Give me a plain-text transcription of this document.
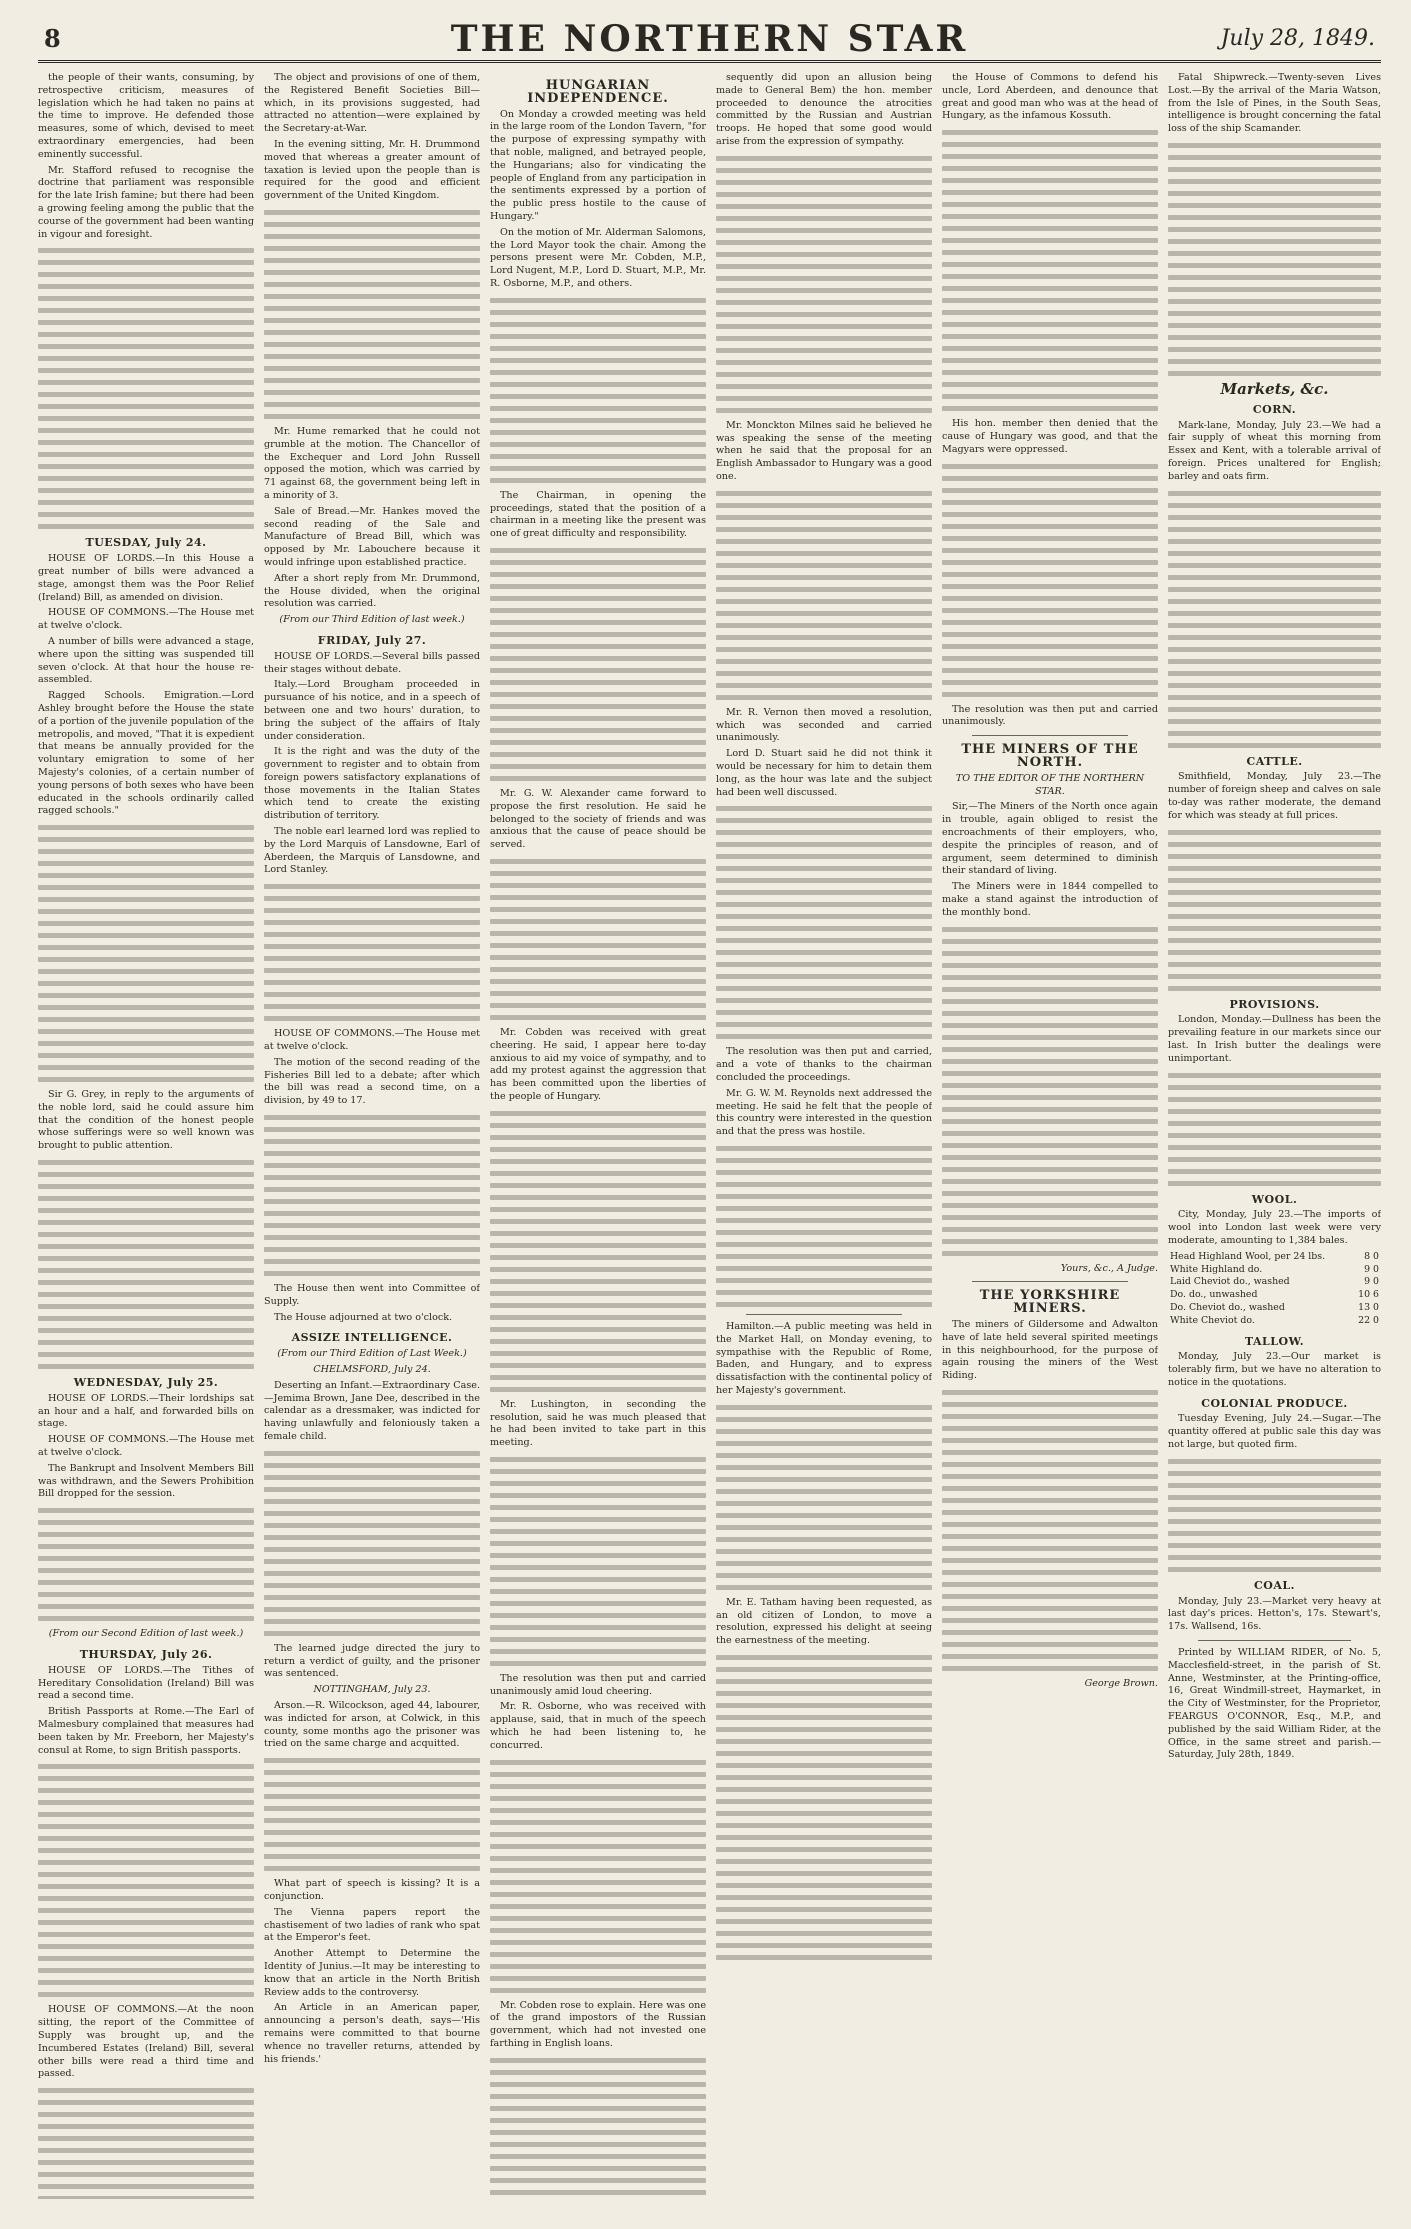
8	THE NORTHERN STAR	July 28, 1849.

the people of their wants, consuming, by retrospective criticism, measures of legislation which he had taken no pains at the time to improve. He defended those measures, some of which, devised to meet extraordinary emergencies, had been eminently successful.

Mr. Stafford refused to recognise the doctrine that parliament was responsible for the late Irish famine; but there had been a growing feeling among the public that the course of the government had been wanting in vigour and foresight.

TUESDAY, July 24.

HOUSE OF LORDS.—In this House a great number of bills were advanced a stage, amongst them was the Poor Relief (Ireland) Bill, as amended on division.

HOUSE OF COMMONS.—The House met at twelve o'clock.

A number of bills were advanced a stage, where upon the sitting was suspended till seven o'clock. At that hour the house re-assembled.

Ragged Schools. Emigration.—Lord Ashley brought before the House the state of a portion of the juvenile population of the metropolis, and moved, "That it is expedient that means be annually provided for the voluntary emigration to some of her Majesty's colonies, of a certain number of young persons of both sexes who have been educated in the schools ordinarily called ragged schools."

Sir G. Grey, in reply to the arguments of the noble lord, said he could assure him that the condition of the honest people whose sufferings were so well known was brought to public attention.

WEDNESDAY, July 25.

HOUSE OF LORDS.—Their lordships sat an hour and a half, and forwarded bills on stage.

HOUSE OF COMMONS.—The House met at twelve o'clock.

The Bankrupt and Insolvent Members Bill was withdrawn, and the Sewers Prohibition Bill dropped for the session.

(From our Second Edition of last week.)
THURSDAY, July 26.

HOUSE OF LORDS.—The Tithes of Hereditary Consolidation (Ireland) Bill was read a second time.

British Passports at Rome.—The Earl of Malmesbury complained that measures had been taken by Mr. Freeborn, her Majesty's consul at Rome, to sign British passports.

HOUSE OF COMMONS.—At the noon sitting, the report of the Committee of Supply was brought up, and the Incumbered Estates (Ireland) Bill, several other bills were read a third time and passed.

The object and provisions of one of them, the Registered Benefit Societies Bill—which, in its provisions suggested, had attracted no attention—were explained by the Secretary-at-War.

In the evening sitting, Mr. H. Drummond moved that whereas a greater amount of taxation is levied upon the people than is required for the good and efficient government of the United Kingdom.

Mr. Hume remarked that he could not grumble at the motion. The Chancellor of the Exchequer and Lord John Russell opposed the motion, which was carried by 71 against 68, the government being left in a minority of 3.

Sale of Bread.—Mr. Hankes moved the second reading of the Sale and Manufacture of Bread Bill, which was opposed by Mr. Labouchere because it would infringe upon established practice.

After a short reply from Mr. Drummond, the House divided, when the original resolution was carried.

(From our Third Edition of last week.)
FRIDAY, July 27.

HOUSE OF LORDS.—Several bills passed their stages without debate.

Italy.—Lord Brougham proceeded in pursuance of his notice, and in a speech of between one and two hours' duration, to bring the subject of the affairs of Italy under consideration.

It is the right and was the duty of the government to register and to obtain from foreign powers satisfactory explanations of those movements in the Italian States which tend to create the existing distribution of territory.

The noble earl learned lord was replied to by the Lord Marquis of Lansdowne, Earl of Aberdeen, the Marquis of Lansdowne, and Lord Stanley.

HOUSE OF COMMONS.—The House met at twelve o'clock.

The motion of the second reading of the Fisheries Bill led to a debate; after which the bill was read a second time, on a division, by 49 to 17.

The House then went into Committee of Supply.

The House adjourned at two o'clock.

ASSIZE INTELLIGENCE.
(From our Third Edition of Last Week.)
CHELMSFORD, July 24.

Deserting an Infant.—Extraordinary Case.—Jemima Brown, Jane Dee, described in the calendar as a dressmaker, was indicted for having unlawfully and feloniously taken a female child.

The learned judge directed the jury to return a verdict of guilty, and the prisoner was sentenced.

NOTTINGHAM, July 23.

Arson.—R. Wilcockson, aged 44, labourer, was indicted for arson, at Colwick, in this county, some months ago the prisoner was tried on the same charge and acquitted.

What part of speech is kissing? It is a conjunction.

The Vienna papers report the chastisement of two ladies of rank who spat at the Emperor's feet.

Another Attempt to Determine the Identity of Junius.—It may be interesting to know that an article in the North British Review adds to the controversy.

An Article in an American paper, announcing a person's death, says—'His remains were committed to that bourne whence no traveller returns, attended by his friends.'

HUNGARIAN INDEPENDENCE.

On Monday a crowded meeting was held in the large room of the London Tavern, "for the purpose of expressing sympathy with that noble, maligned, and betrayed people, the Hungarians; also for vindicating the people of England from any participation in the sentiments expressed by a portion of the public press hostile to the cause of Hungary."

On the motion of Mr. Alderman Salomons, the Lord Mayor took the chair. Among the persons present were Mr. Cobden, M.P., Lord Nugent, M.P., Lord D. Stuart, M.P., Mr. R. Osborne, M.P., and others.

The Chairman, in opening the proceedings, stated that the position of a chairman in a meeting like the present was one of great difficulty and responsibility.

Mr. G. W. Alexander came forward to propose the first resolution. He said he belonged to the society of friends and was anxious that the cause of peace should be served.

Mr. Cobden was received with great cheering. He said, I appear here to-day anxious to aid my voice of sympathy, and to add my protest against the aggression that has been committed upon the liberties of the people of Hungary.

Mr. Lushington, in seconding the resolution, said he was much pleased that he had been invited to take part in this meeting.

The resolution was then put and carried unanimously amid loud cheering.

Mr. R. Osborne, who was received with applause, said, that in much of the speech which he had been listening to, he concurred.

Mr. Cobden rose to explain. Here was one of the grand impostors of the Russian government, which had not invested one farthing in English loans.

sequently did upon an allusion being made to General Bem) the hon. member proceeded to denounce the atrocities committed by the Russian and Austrian troops. He hoped that some good would arise from the expression of sympathy.

Mr. Monckton Milnes said he believed he was speaking the sense of the meeting when he said that the proposal for an English Ambassador to Hungary was a good one.

Mr. R. Vernon then moved a resolution, which was seconded and carried unanimously.

Lord D. Stuart said he did not think it would be necessary for him to detain them long, as the hour was late and the subject had been well discussed.

The resolution was then put and carried, and a vote of thanks to the chairman concluded the proceedings.

Mr. G. W. M. Reynolds next addressed the meeting. He said he felt that the people of this country were interested in the question and that the press was hostile.

Hamilton.—A public meeting was held in the Market Hall, on Monday evening, to sympathise with the Republic of Rome, Baden, and Hungary, and to express dissatisfaction with the continental policy of her Majesty's government.

Mr. E. Tatham having been requested, as an old citizen of London, to move a resolution, expressed his delight at seeing the earnestness of the meeting.

the House of Commons to defend his uncle, Lord Aberdeen, and denounce that great and good man who was at the head of Hungary, as the infamous Kossuth.

His hon. member then denied that the cause of Hungary was good, and that the Magyars were oppressed.

The resolution was then put and carried unanimously.

THE MINERS OF THE NORTH.
TO THE EDITOR OF THE NORTHERN STAR.

Sir,—The Miners of the North once again in trouble, again obliged to resist the encroachments of their employers, who, despite the principles of reason, and of argument, seem determined to diminish their standard of living.

The Miners were in 1844 compelled to make a stand against the introduction of the monthly bond.

Yours, &c., A Judge.
THE YORKSHIRE MINERS.

The miners of Gildersome and Adwalton have of late held several spirited meetings in this neighbourhood, for the purpose of again rousing the miners of the West Riding.

George Brown.

Fatal Shipwreck.—Twenty-seven Lives Lost.—By the arrival of the Maria Watson, from the Isle of Pines, in the South Seas, intelligence is brought concerning the fatal loss of the ship Scamander.

Markets, &c.
CORN.

Mark-lane, Monday, July 23.—We had a fair supply of wheat this morning from Essex and Kent, with a tolerable arrival of foreign. Prices unaltered for English; barley and oats firm.

CATTLE.

Smithfield, Monday, July 23.—The number of foreign sheep and calves on sale to-day was rather moderate, the demand for which was steady at full prices.

PROVISIONS.

London, Monday.—Dullness has been the prevailing feature in our markets since our last. In Irish butter the dealings were unimportant.

WOOL.

City, Monday, July 23.—The imports of wool into London last week were very moderate, amounting to 1,384 bales.

Head Highland Wool, per 24 lbs.	8 0
White Highland do.	9 0
Laid Cheviot do., washed	9 0
Do. do., unwashed	10 6
Do. Cheviot do., washed	13 0
White Cheviot do.	22 0
TALLOW.

Monday, July 23.—Our market is tolerably firm, but we have no alteration to notice in the quotations.

COLONIAL PRODUCE.

Tuesday Evening, July 24.—Sugar.—The quantity offered at public sale this day was not large, but quoted firm.

COAL.

Monday, July 23.—Market very heavy at last day's prices. Hetton's, 17s. Stewart's, 17s. Wallsend, 16s.

Printed by WILLIAM RIDER, of No. 5, Macclesfield-street, in the parish of St. Anne, Westminster, at the Printing-office, 16, Great Windmill-street, Haymarket, in the City of Westminster, for the Proprietor, FEARGUS O'CONNOR, Esq., M.P., and published by the said William Rider, at the Office, in the same street and parish.—Saturday, July 28th, 1849.
